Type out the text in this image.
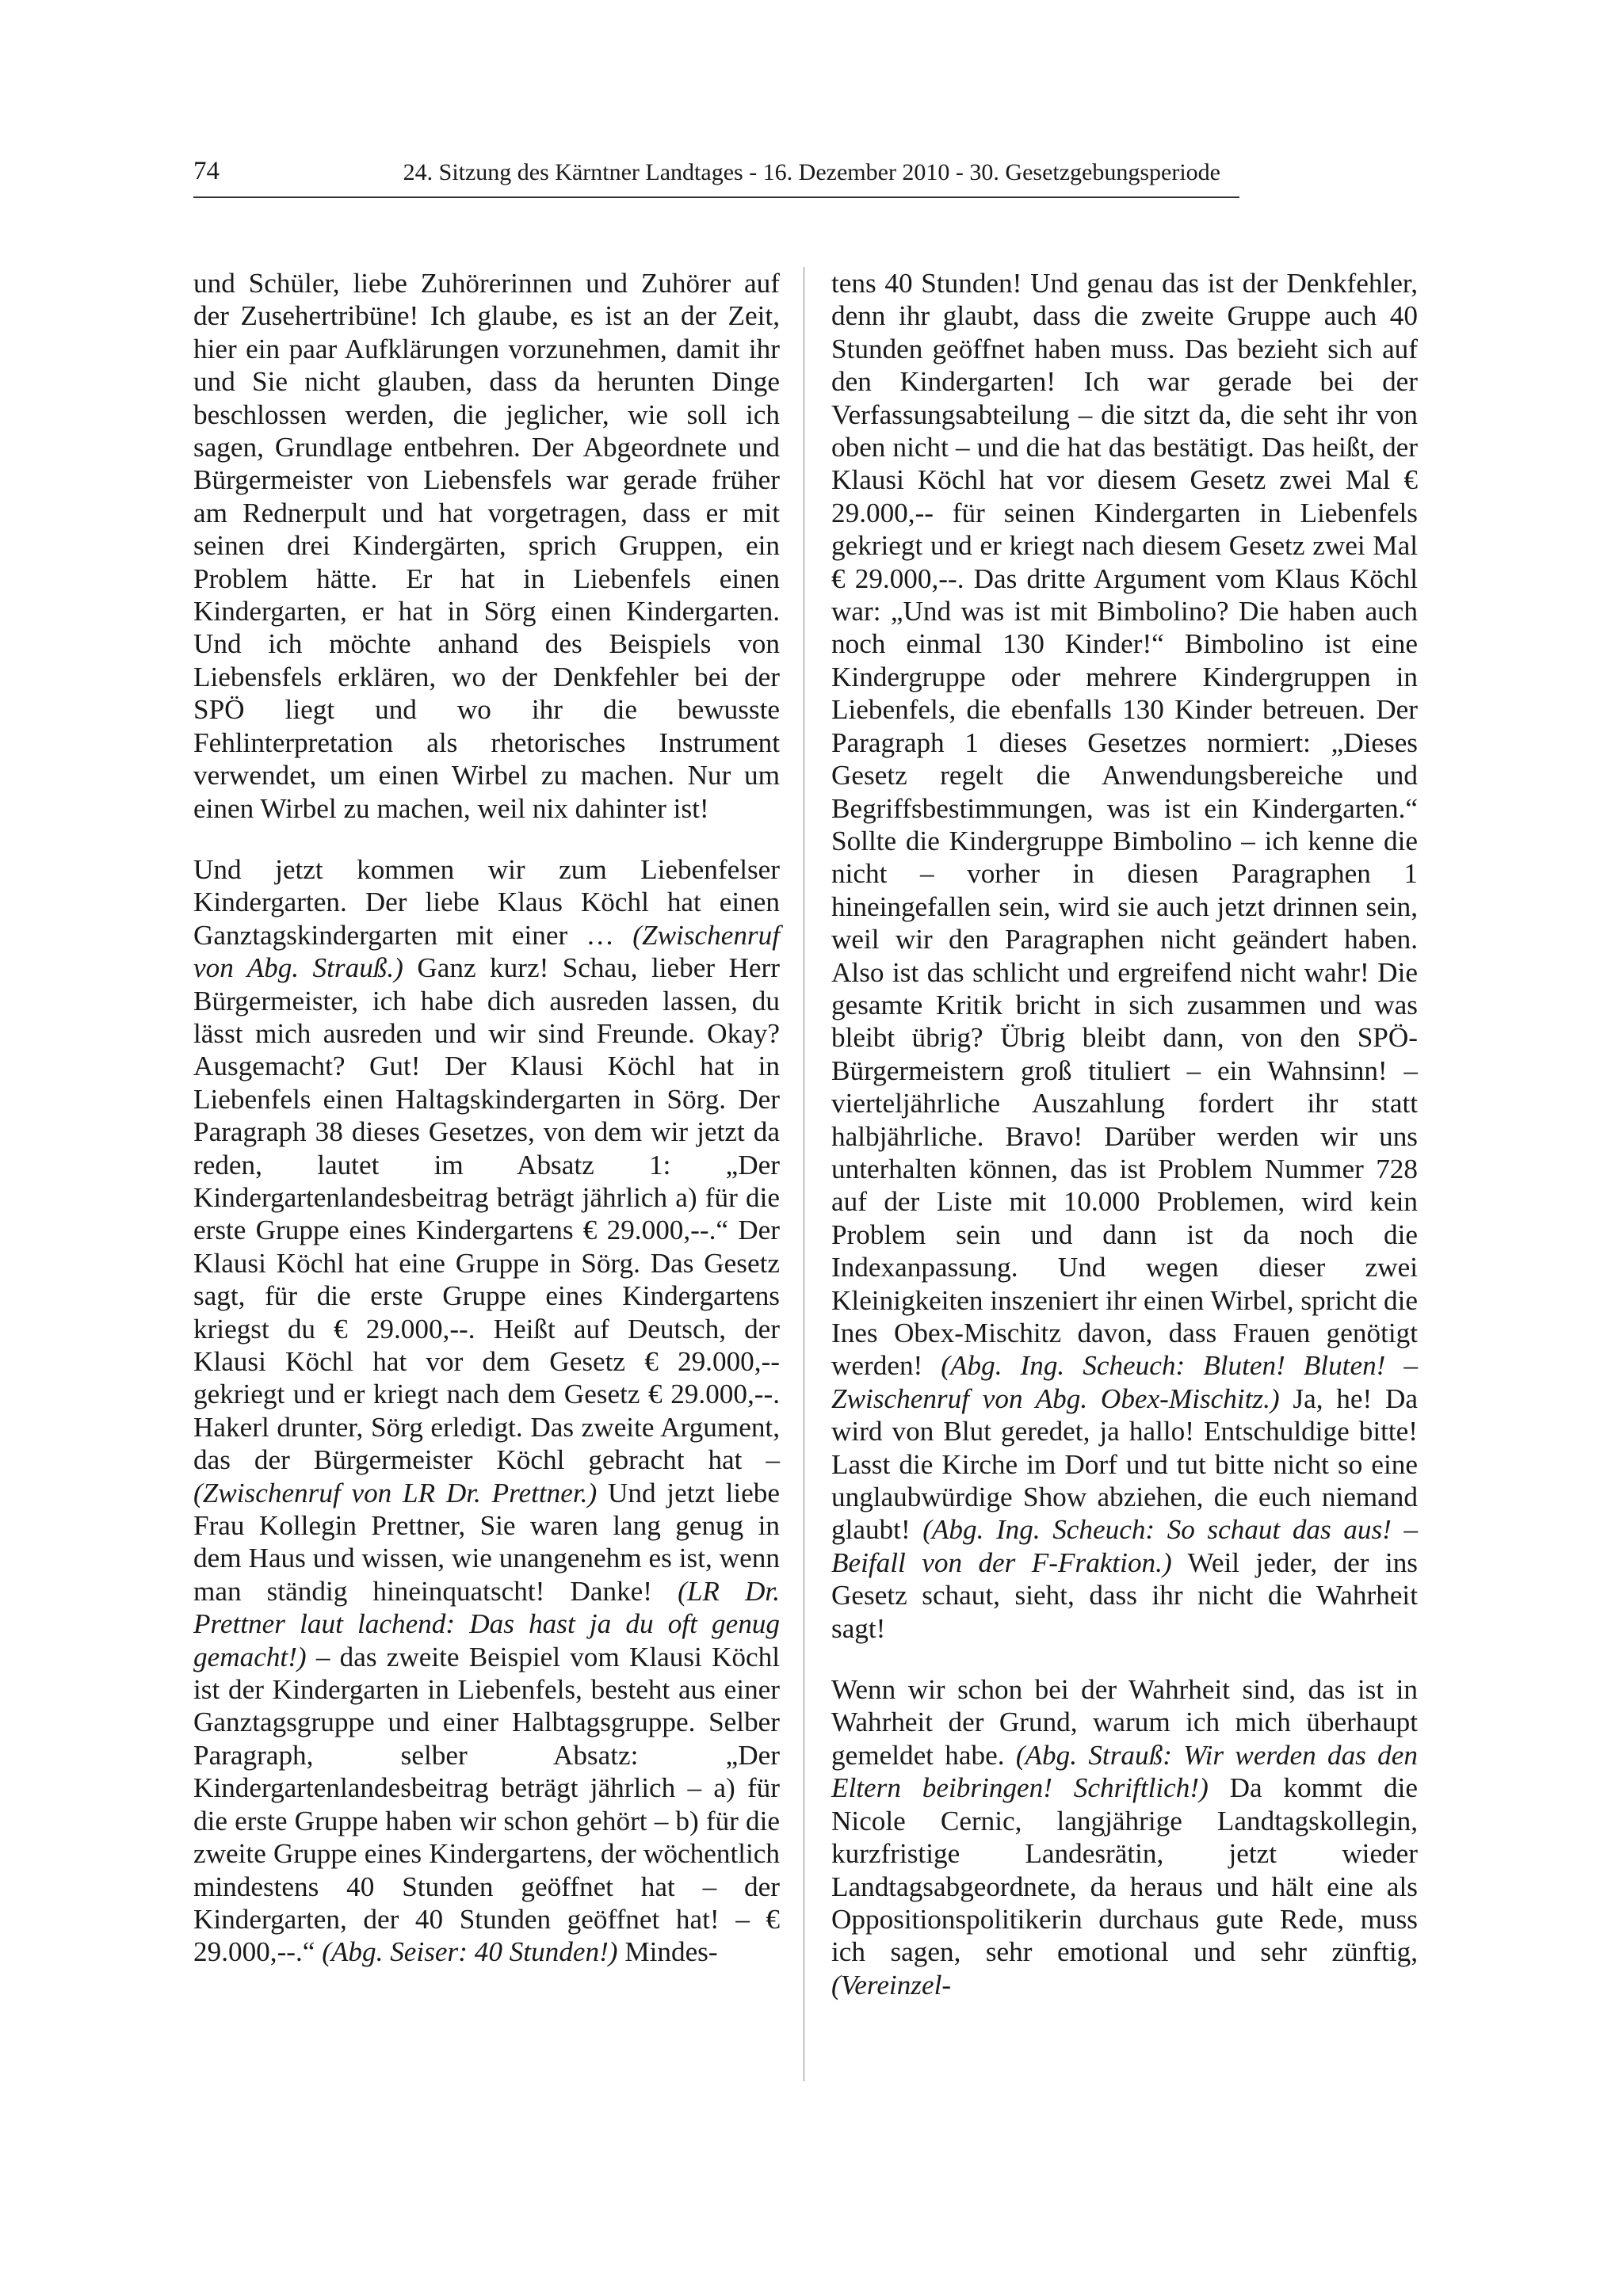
74	24. Sitzung des Kärntner Landtages - 16. Dezember 2010 - 30. Gesetzgebungsperiode

und Schüler, liebe Zuhörerinnen und Zuhörer auf der Zusehertribüne! Ich glaube, es ist an der Zeit, hier ein paar Aufklärungen vorzunehmen, damit ihr und Sie nicht glauben, dass da herunten Dinge beschlossen werden, die jeglicher, wie soll ich sagen, Grundlage entbehren. Der Abgeordnete und Bürgermeister von Liebensfels war gerade früher am Rednerpult und hat vorgetragen, dass er mit seinen drei Kindergärten, sprich Gruppen, ein Problem hätte. Er hat in Liebenfels einen Kindergarten, er hat in Sörg einen Kindergarten. Und ich möchte anhand des Beispiels von Liebensfels erklären, wo der Denkfehler bei der SPÖ liegt und wo ihr die bewusste Fehlinterpretation als rhetorisches Instrument verwendet, um einen Wirbel zu machen. Nur um einen Wirbel zu machen, weil nix dahinter ist!

Und jetzt kommen wir zum Liebenfelser Kindergarten. Der liebe Klaus Köchl hat einen Ganztagskindergarten mit einer … (Zwischenruf von Abg. Strauß.) Ganz kurz! Schau, lieber Herr Bürgermeister, ich habe dich ausreden lassen, du lässt mich ausreden und wir sind Freunde. Okay? Ausgemacht? Gut! Der Klausi Köchl hat in Liebenfels einen Haltagskindergarten in Sörg. Der Paragraph 38 dieses Gesetzes, von dem wir jetzt da reden, lautet im Absatz 1: „Der Kindergartenlandesbeitrag beträgt jährlich a) für die erste Gruppe eines Kindergartens € 29.000,--.“ Der Klausi Köchl hat eine Gruppe in Sörg. Das Gesetz sagt, für die erste Gruppe eines Kindergartens kriegst du € 29.000,--. Heißt auf Deutsch, der Klausi Köchl hat vor dem Gesetz € 29.000,-- gekriegt und er kriegt nach dem Gesetz € 29.000,--. Hakerl drunter, Sörg erledigt. Das zweite Argument, das der Bürgermeister Köchl gebracht hat – (Zwischenruf von LR Dr. Prettner.) Und jetzt liebe Frau Kollegin Prettner, Sie waren lang genug in dem Haus und wissen, wie unangenehm es ist, wenn man ständig hineinquatscht! Danke! (LR Dr. Prettner laut lachend: Das hast ja du oft genug gemacht!) – das zweite Beispiel vom Klausi Köchl ist der Kindergarten in Liebenfels, besteht aus einer Ganztagsgruppe und einer Halbtagsgruppe. Selber Paragraph, selber Absatz: „Der Kindergartenlandesbeitrag beträgt jährlich – a) für die erste Gruppe haben wir schon gehört – b) für die zweite Gruppe eines Kindergartens, der wöchentlich mindestens 40 Stunden geöffnet hat – der Kindergarten, der 40 Stunden geöffnet hat! – € 29.000,--.“ (Abg. Seiser: 40 Stunden!) Mindes-

tens 40 Stunden! Und genau das ist der Denkfehler, denn ihr glaubt, dass die zweite Gruppe auch 40 Stunden geöffnet haben muss. Das bezieht sich auf den Kindergarten! Ich war gerade bei der Verfassungsabteilung – die sitzt da, die seht ihr von oben nicht – und die hat das bestätigt. Das heißt, der Klausi Köchl hat vor diesem Gesetz zwei Mal € 29.000,-- für seinen Kindergarten in Liebenfels gekriegt und er kriegt nach diesem Gesetz zwei Mal € 29.000,--. Das dritte Argument vom Klaus Köchl war: „Und was ist mit Bimbolino? Die haben auch noch einmal 130 Kinder!“ Bimbolino ist eine Kindergruppe oder mehrere Kindergruppen in Liebenfels, die ebenfalls 130 Kinder betreuen. Der Paragraph 1 dieses Gesetzes normiert: „Dieses Gesetz regelt die Anwendungsbereiche und Begriffsbestimmungen, was ist ein Kindergarten.“ Sollte die Kindergruppe Bimbolino – ich kenne die nicht – vorher in diesen Paragraphen 1 hineingefallen sein, wird sie auch jetzt drinnen sein, weil wir den Paragraphen nicht geändert haben. Also ist das schlicht und ergreifend nicht wahr! Die gesamte Kritik bricht in sich zusammen und was bleibt übrig? Übrig bleibt dann, von den SPÖ-Bürgermeistern groß tituliert – ein Wahnsinn! – vierteljährliche Auszahlung fordert ihr statt halbjährliche. Bravo! Darüber werden wir uns unterhalten können, das ist Problem Nummer 728 auf der Liste mit 10.000 Problemen, wird kein Problem sein und dann ist da noch die Indexanpassung. Und wegen dieser zwei Kleinigkeiten inszeniert ihr einen Wirbel, spricht die Ines Obex-Mischitz davon, dass Frauen genötigt werden! (Abg. Ing. Scheuch: Bluten! Bluten! – Zwischenruf von Abg. Obex-Mischitz.) Ja, he! Da wird von Blut geredet, ja hallo! Entschuldige bitte! Lasst die Kirche im Dorf und tut bitte nicht so eine unglaubwürdige Show abziehen, die euch niemand glaubt! (Abg. Ing. Scheuch: So schaut das aus! – Beifall von der F-Fraktion.) Weil jeder, der ins Gesetz schaut, sieht, dass ihr nicht die Wahrheit sagt!

Wenn wir schon bei der Wahrheit sind, das ist in Wahrheit der Grund, warum ich mich überhaupt gemeldet habe. (Abg. Strauß: Wir werden das den Eltern beibringen! Schriftlich!) Da kommt die Nicole Cernic, langjährige Landtagskollegin, kurzfristige Landesrätin, jetzt wieder Landtagsabgeordnete, da heraus und hält eine als Oppositionspolitikerin durchaus gute Rede, muss ich sagen, sehr emotional und sehr zünftig, (Vereinzel-
